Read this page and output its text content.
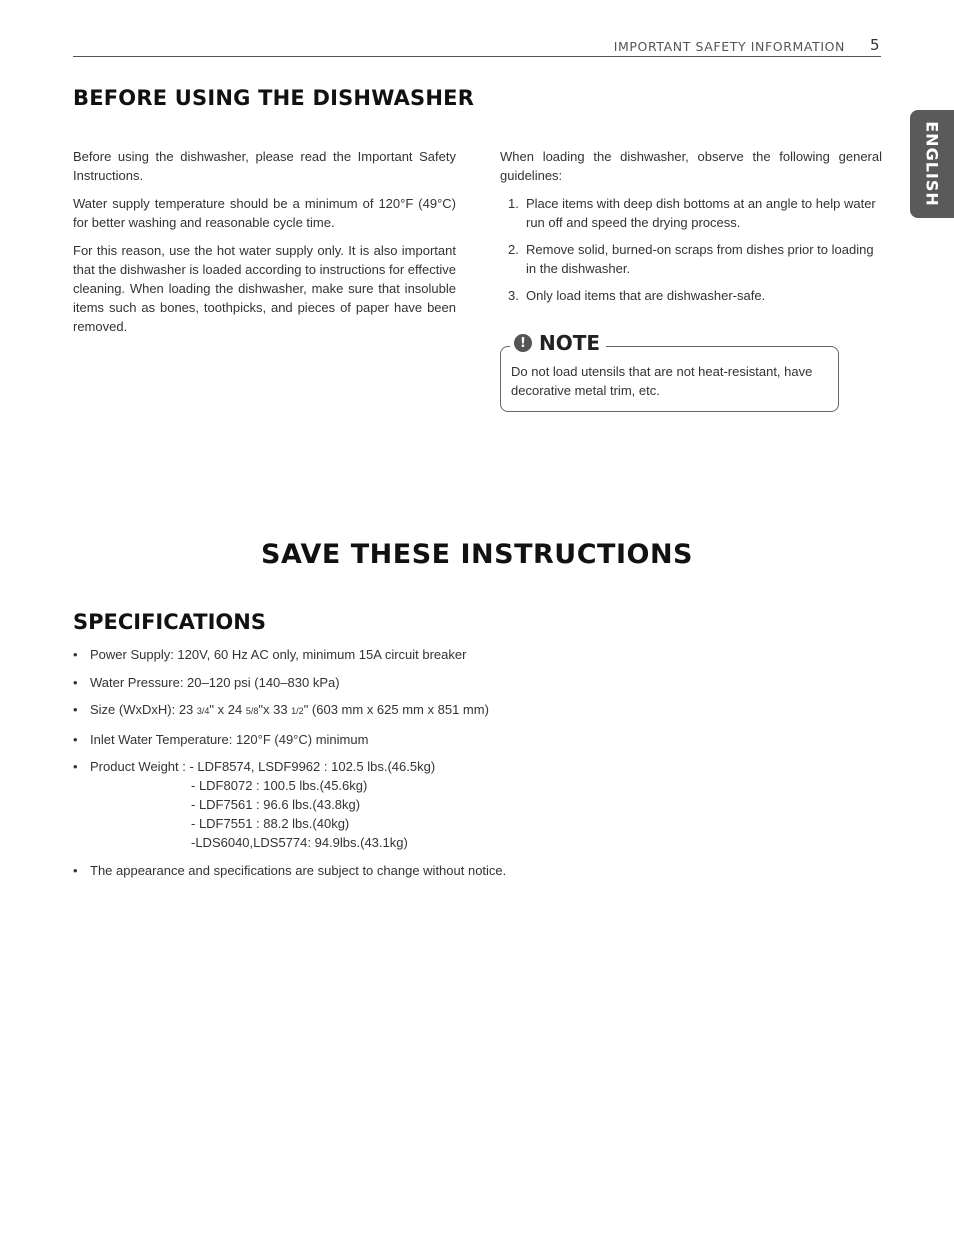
IMPORTANT SAFETY INFORMATION 5
ENGLISH
BEFORE USING THE DISHWASHER

Before using the dishwasher, please read the Important Safety Instructions.

Water supply temperature should be a minimum of 120°F (49°C) for better washing and reasonable cycle time.

For this reason, use the hot water supply only. It is also important that the dishwasher is loaded according to instructions for effective cleaning. When loading the dishwasher, make sure that insoluble items such as bones, toothpicks, and pieces of paper have been removed.

When loading the dishwasher, observe the following general guidelines:

1. Place items with deep dish bottoms at an angle to help water run off and speed the drying process.
2. Remove solid, burned-on scraps from dishes prior to loading in the dishwasher.
3. Only load items that are dishwasher-safe.
! NOTE
Do not load utensils that are not heat-resistant, have decorative metal trim, etc.
SAVE THESE INSTRUCTIONS
SPECIFICATIONS
• Power Supply: 120V, 60 Hz AC only, minimum 15A circuit breaker
• Water Pressure: 20–120 psi (140–830 kPa)
• Size (WxDxH): 23 3/4" x 24 5/8"x 33 1/2" (603 mm x 625 mm x 851 mm)
• Inlet Water Temperature: 120°F (49°C) minimum
• Product Weight : - LDF8574, LSDF9962 : 102.5 lbs.(46.5kg)
- LDF8072 : 100.5 lbs.(45.6kg)
- LDF7561 : 96.6 lbs.(43.8kg)
- LDF7551 : 88.2 lbs.(40kg)
-LDS6040,LDS5774: 94.9lbs.(43.1kg)
• The appearance and specifications are subject to change without notice.
